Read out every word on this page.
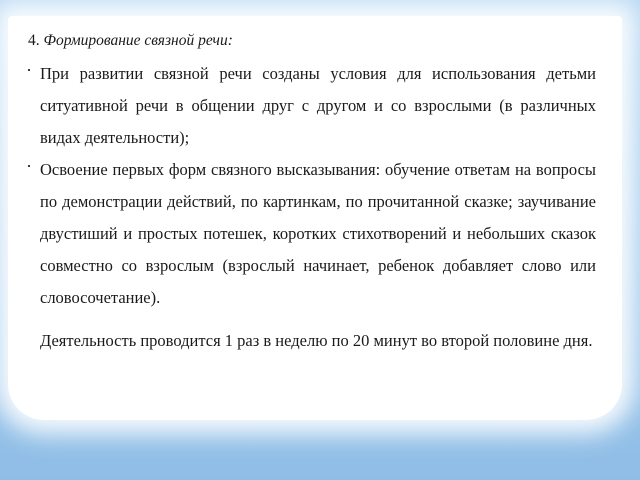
4. Формирование связной речи:

· При развитии связной речи созданы условия для использования детьми ситуативной речи в общении друг с другом и со взрослыми (в различных видах деятельности);
· Освоение первых форм связного высказывания: обучение ответам на вопросы по демонстрации действий, по картинкам, по прочитанной сказке; заучивание двустиший и простых потешек, коротких стихотворений и небольших сказок совместно со взрослым (взрослый начинает, ребенок добавляет слово или словосочетание).

Деятельность проводится 1 раз в неделю по 20 минут во второй половине дня.
